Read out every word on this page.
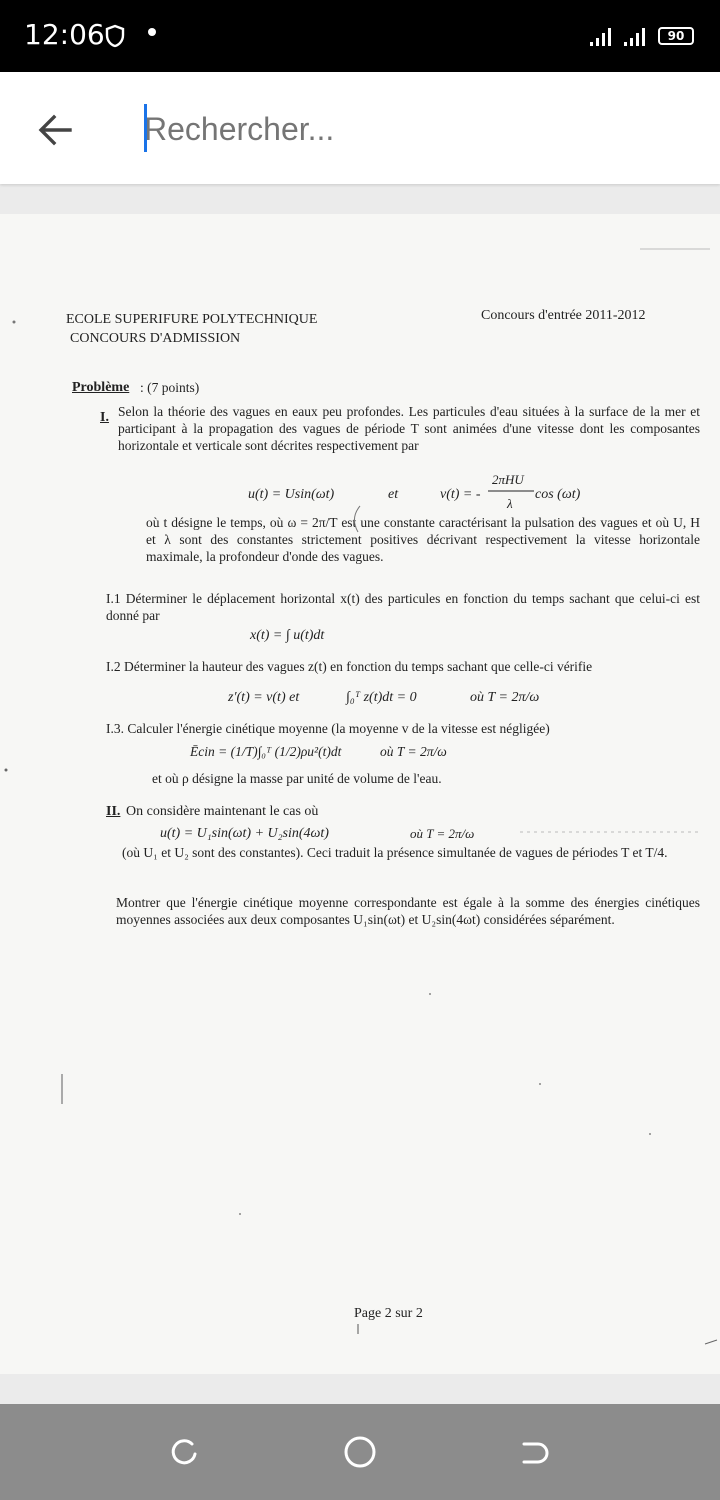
12:06	90
Rechercher...
ECOLE SUPERIFURE POLYTECHNIQUE
CONCOURS D'ADMISSION
Concours d'entrée 2011-2012
Problème : (7 points)
I. Selon la théorie des vagues en eaux peu profondes. Les particules d'eau situées à la surface de la mer et participant à la propagation des vagues de période T sont animées d'une vitesse dont les composantes horizontale et verticale sont décrites respectivement par
u(t) = Usin(ωt)	et	v(t) = -
2πHU
λ
cos (ωt)
où t désigne le temps, où ω = 2π/T est une constante caractérisant la pulsation des vagues et où U, H et λ sont des constantes strictement positives décrivant respectivement la vitesse horizontale maximale, la profondeur d'onde des vagues.
I.1 Déterminer le déplacement horizontal x(t) des particules en fonction du temps sachant que celui-ci est donné par
x(t) = ∫ u(t)dt
I.2 Déterminer la hauteur des vagues z(t) en fonction du temps sachant que celle-ci vérifie
z′(t) = v(t) et	∫₀ᵀ z(t)dt = 0	où T = 2π/ω
I.3. Calculer l'énergie cinétique moyenne (la moyenne v de la vitesse est négligée)
Ēcin = (1/T)∫₀ᵀ (1/2)ρu²(t)dt	où T = 2π/ω
et où ρ désigne la masse par unité de volume de l'eau.
II. On considère maintenant le cas où
u(t) = U₁sin(ωt) + U₂sin(4ωt)	où T = 2π/ω
(où U₁ et U₂ sont des constantes). Ceci traduit la présence simultanée de vagues de périodes T et T/4.
Montrer que l'énergie cinétique moyenne correspondante est égale à la somme des énergies cinétiques moyennes associées aux deux composantes U₁sin(ωt) et U₂sin(4ωt) considérées séparément.
Page 2 sur 2
